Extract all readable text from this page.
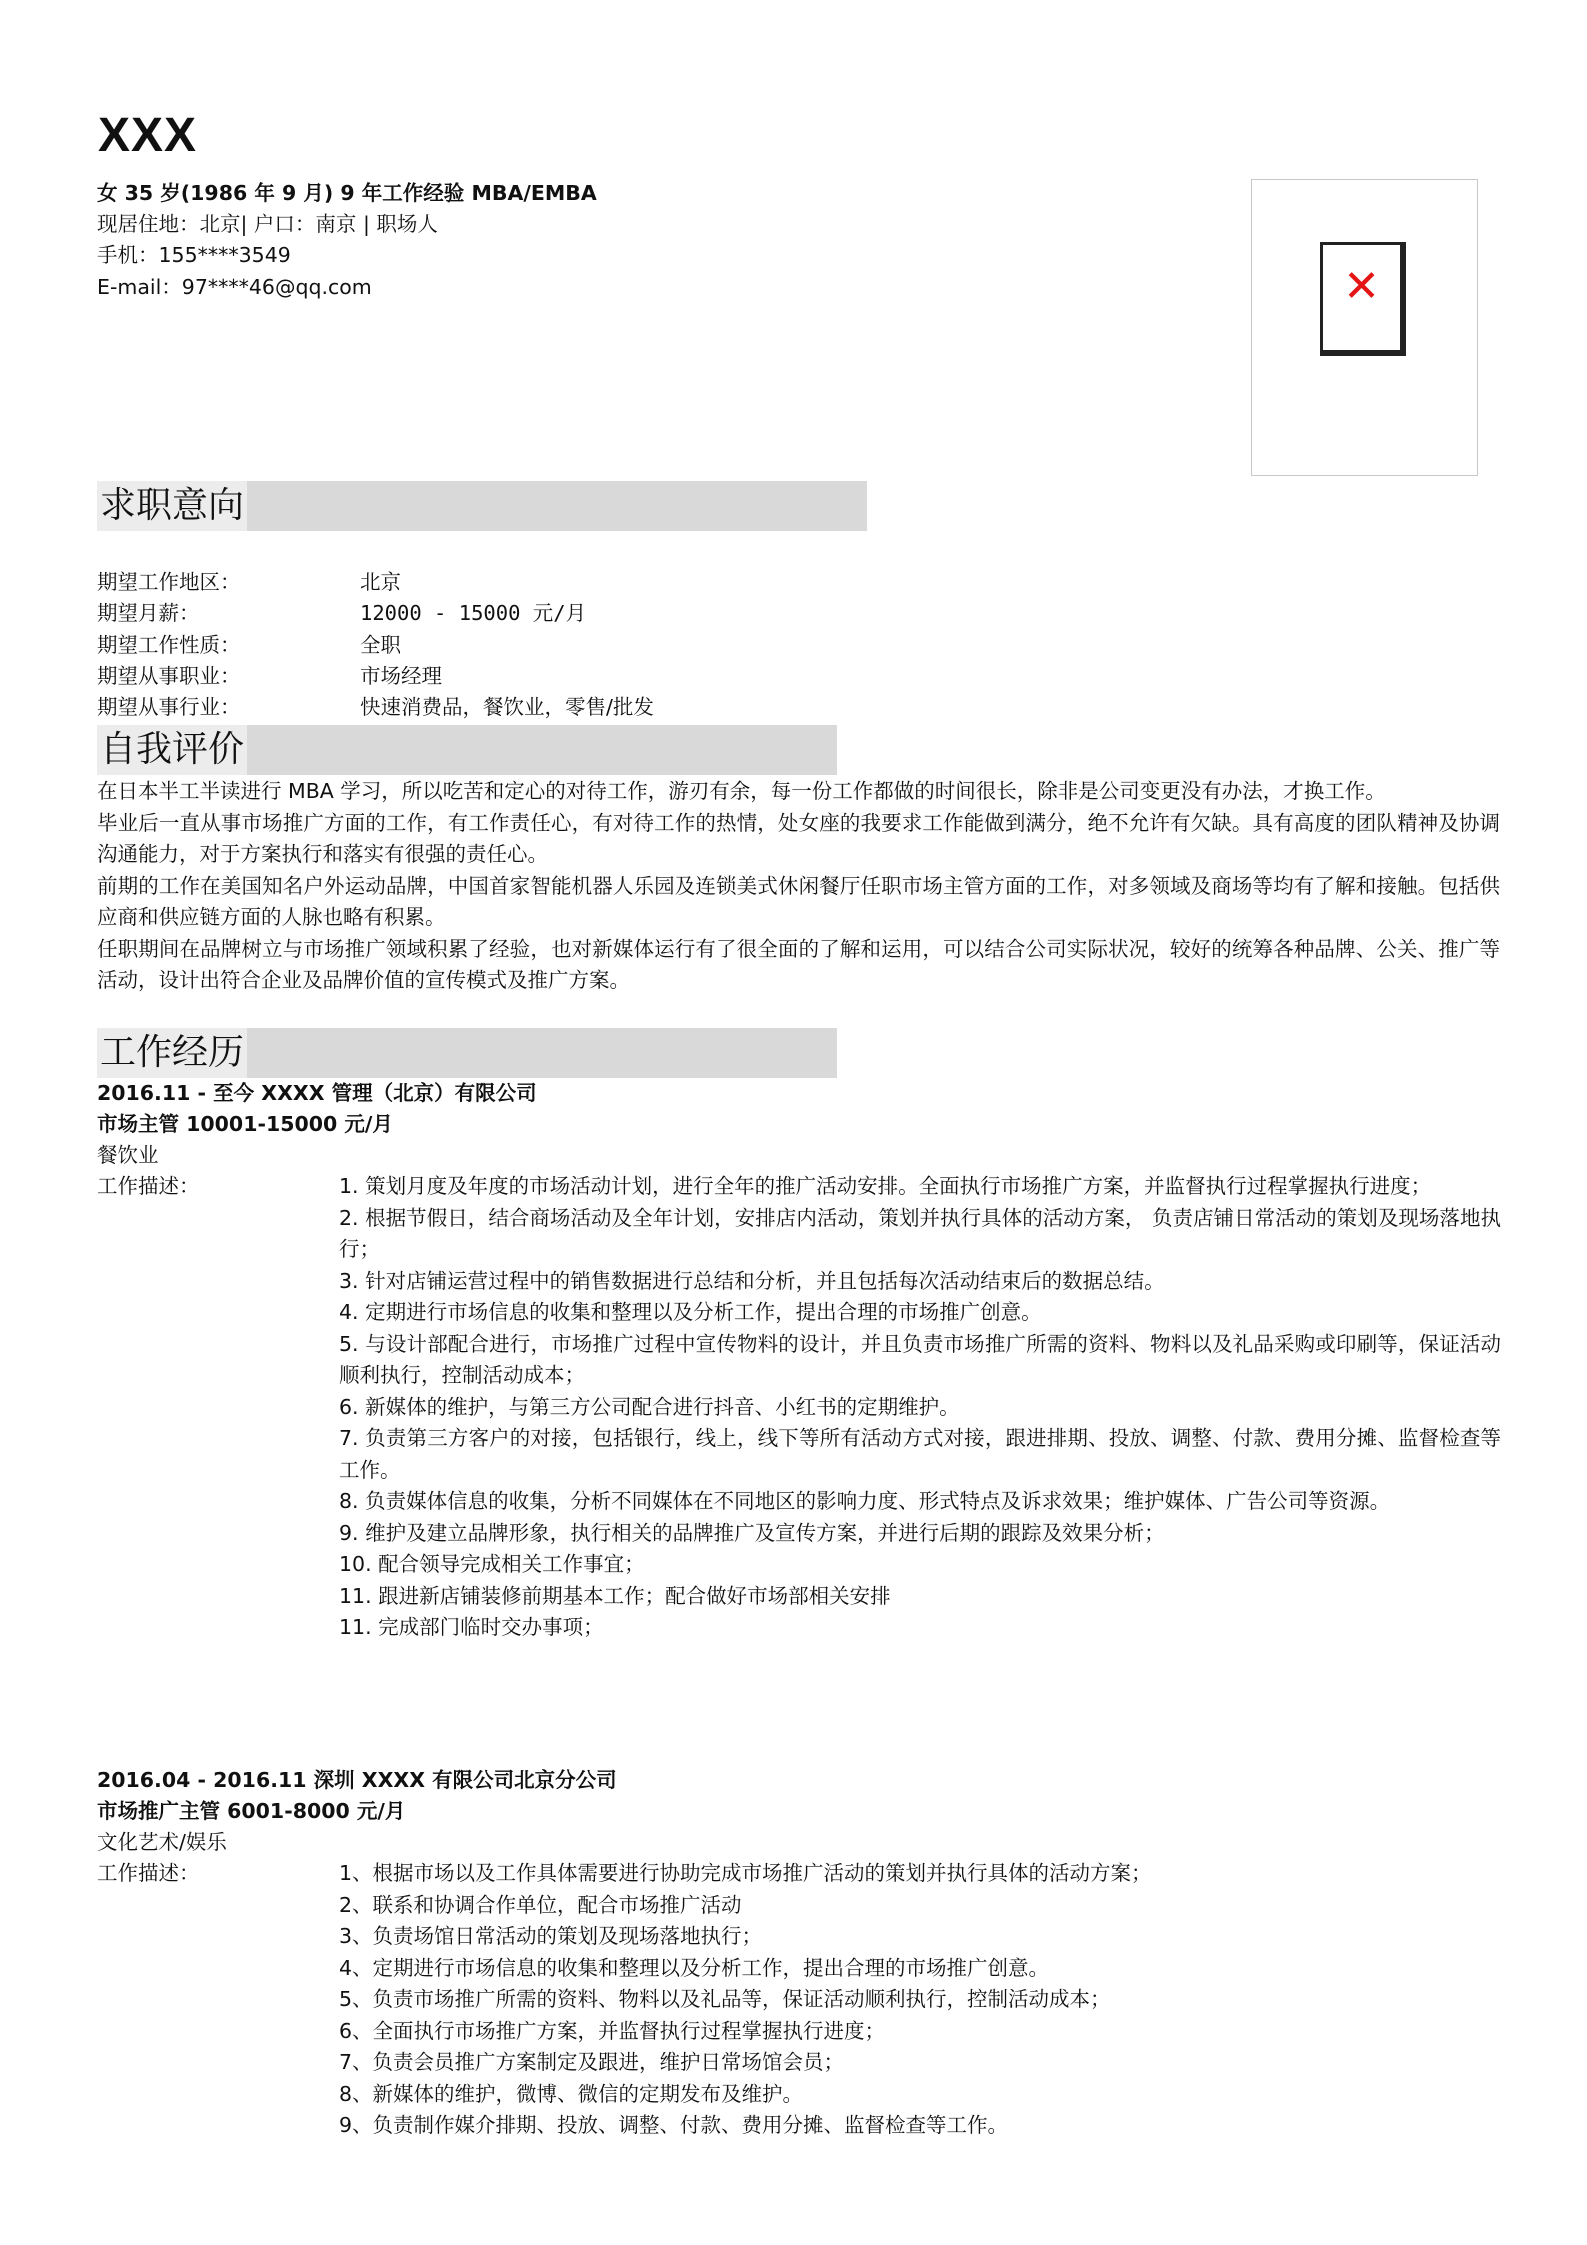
XXX
女 35 岁(1986 年 9 月) 9 年工作经验 MBA/EMBA
现居住地：北京| 户口：南京 | 职场人
手机：155****3549
E-mail：97****46@qq.com	✕
求职意向
期望工作地区：	北京
期望月薪：	12000 - 15000 元/月
期望工作性质：	全职
期望从事职业：	市场经理
期望从事行业：	快速消费品，餐饮业，零售/批发
自我评价

在日本半工半读进行 MBA 学习，所以吃苦和定心的对待工作，游刃有余，每一份工作都做的时间很长，除非是公司变更没有办法，才换工作。

毕业后一直从事市场推广方面的工作，有工作责任心，有对待工作的热情，处女座的我要求工作能做到满分，绝不允许有欠缺。具有高度的团队精神及协调沟通能力，对于方案执行和落实有很强的责任心。

前期的工作在美国知名户外运动品牌，中国首家智能机器人乐园及连锁美式休闲餐厅任职市场主管方面的工作，对多领域及商场等均有了解和接触。包括供应商和供应链方面的人脉也略有积累。

任职期间在品牌树立与市场推广领域积累了经验，也对新媒体运行有了很全面的了解和运用，可以结合公司实际状况，较好的统筹各种品牌、公关、推广等活动，设计出符合企业及品牌价值的宣传模式及推广方案。

工作经历
2016.11 - 至今 XXXX 管理（北京）有限公司
市场主管 10001-15000 元/月
餐饮业
工作描述：	1. 策划月度及年度的市场活动计划，进行全年的推广活动安排。全面执行市场推广方案，并监督执行过程掌握执行进度；
2. 根据节假日，结合商场活动及全年计划，安排店内活动，策划并执行具体的活动方案， 负责店铺日常活动的策划及现场落地执行；
3. 针对店铺运营过程中的销售数据进行总结和分析，并且包括每次活动结束后的数据总结。
4. 定期进行市场信息的收集和整理以及分析工作，提出合理的市场推广创意。
5. 与设计部配合进行，市场推广过程中宣传物料的设计，并且负责市场推广所需的资料、物料以及礼品采购或印刷等，保证活动顺利执行，控制活动成本；
6. 新媒体的维护，与第三方公司配合进行抖音、小红书的定期维护。
7. 负责第三方客户的对接，包括银行，线上，线下等所有活动方式对接，跟进排期、投放、调整、付款、费用分摊、监督检查等工作。
8. 负责媒体信息的收集，分析不同媒体在不同地区的影响力度、形式特点及诉求效果；维护媒体、广告公司等资源。
9. 维护及建立品牌形象，执行相关的品牌推广及宣传方案，并进行后期的跟踪及效果分析；
10. 配合领导完成相关工作事宜；
11. 跟进新店铺装修前期基本工作；配合做好市场部相关安排
11. 完成部门临时交办事项；
2016.04 - 2016.11 深圳 XXXX 有限公司北京分公司
市场推广主管 6001-8000 元/月
文化艺术/娱乐
工作描述：	1、根据市场以及工作具体需要进行协助完成市场推广活动的策划并执行具体的活动方案；
2、联系和协调合作单位，配合市场推广活动
3、负责场馆日常活动的策划及现场落地执行；
4、定期进行市场信息的收集和整理以及分析工作，提出合理的市场推广创意。
5、负责市场推广所需的资料、物料以及礼品等，保证活动顺利执行，控制活动成本；
6、全面执行市场推广方案，并监督执行过程掌握执行进度；
7、负责会员推广方案制定及跟进，维护日常场馆会员；
8、新媒体的维护，微博、微信的定期发布及维护。
9、负责制作媒介排期、投放、调整、付款、费用分摊、监督检查等工作。
